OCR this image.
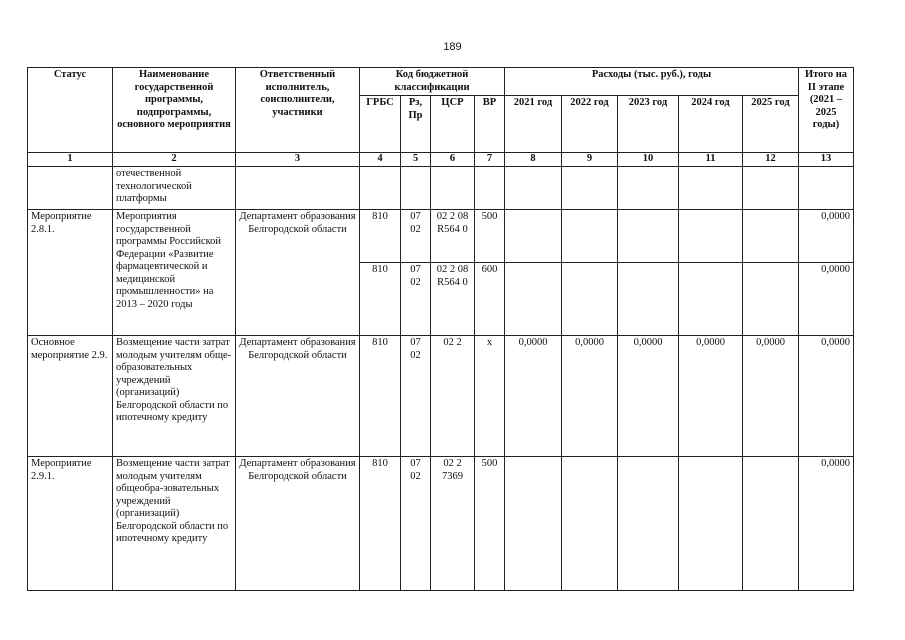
189
Статус	Наименование государственной программы, подпрограммы, основного мероприятия	Ответственный исполнитель, соисполнители, участники	Код бюджетной классификации				Расходы (тыс. руб.), годы					Итого на II этапе (2021 – 2025 годы)
			ГРБС	Рз, Пр	ЦСР	ВР	2021 год	2022 год	2023 год	2024 год	2025 год	
1	2	3	4	5	6	7	8	9	10	11	12	13
	отечественной технологической платформы											
Мероприятие 2.8.1.	Мероприятия государственной программы Российской Федерации «Развитие фармацевтической и медицинской промышленности» на 2013 – 2020 годы	Департамент образования Белгородской области	810	07 02	02 2 08 R564 0	500						0,0000
			810	07 02	02 2 08 R564 0	600						0,0000
Основное мероприятие 2.9.	Возмещение части затрат молодым учителям обще-образовательных учреждений (организаций) Белгородской области по ипотечному кредиту	Департамент образования Белгородской области	810	07 02	02 2	х	0,0000	0,0000	0,0000	0,0000	0,0000	0,0000
Мероприятие 2.9.1.	Возмещение части затрат молодым учителям общеобра-зовательных учреждений (организаций) Белгородской области по ипотечному кредиту	Департамент образования Белгородской области	810	07 02	02 2 7369	500						0,0000
